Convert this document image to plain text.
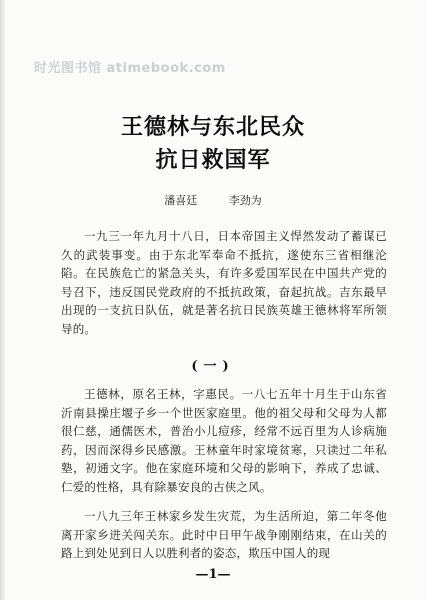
时光图书馆 atimebook.com
王德林与东北民众
抗日救国军
潘喜廷	李劲为
一九三一年九月十八日，日本帝国主义悍然发动了蓄谋已久的武装事变。由于东北军奉命不抵抗，遂使东三省相继沦陷。在民族危亡的紧急关头，有许多爱国军民在中国共产党的号召下，违反国民党政府的不抵抗政策，奋起抗战。吉东最早出现的一支抗日队伍，就是著名抗日民族英雄王德林将军所领导的。
(一)
王德林，原名王林，字惠民。一八七五年十月生于山东省沂南县操庄堰子乡一个世医家庭里。他的祖父母和父母为人都很仁慈，通儒医术，普治小儿痘疹，经常不远百里为人诊病施药，因而深得乡民感激。王林童年时家境贫寒，只读过二年私塾，初通文字。他在家庭环境和父母的影响下，养成了忠诚、仁爱的性格，具有除暴安良的古侠之风。
一八九三年王林家乡发生灾荒，为生活所迫，第二年冬他离开家乡进关闯关东。此时中日甲午战争刚刚结束，在山关的路上到处见到日人以胜利者的姿态，欺压中国人的现
—1—
